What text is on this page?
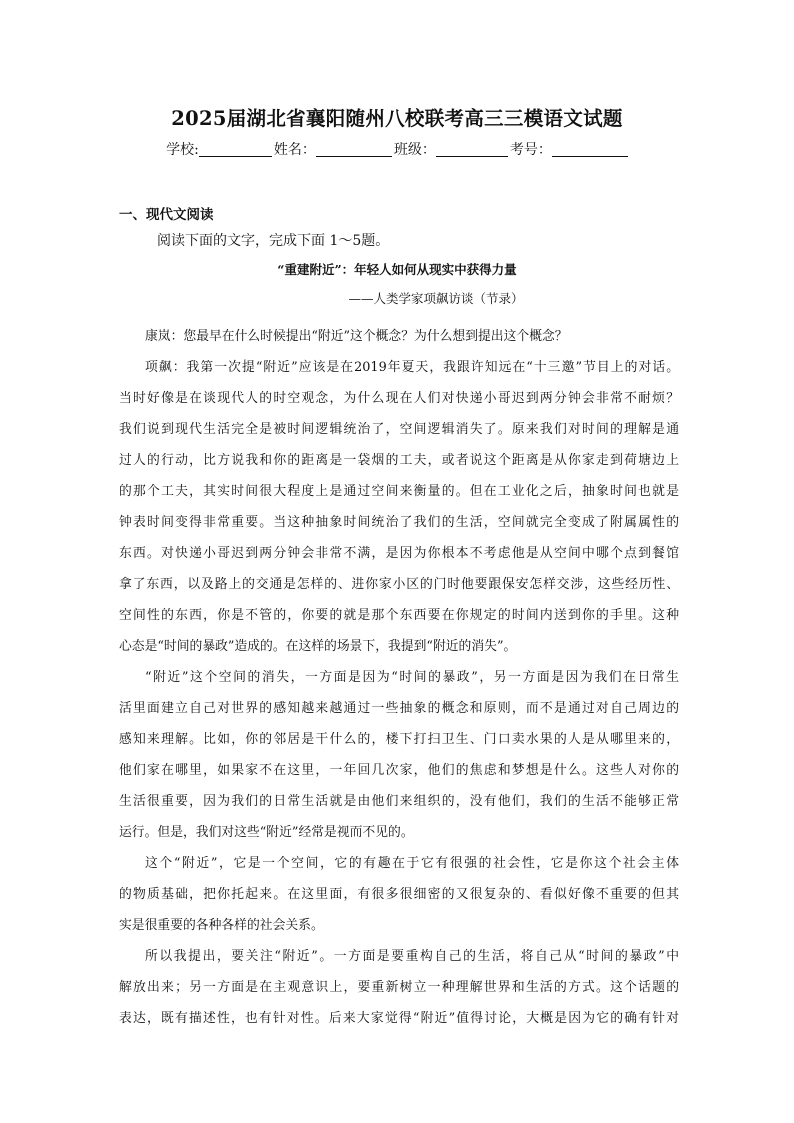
2025届湖北省襄阳随州八校联考高三三模语文试题
学校:	姓名：	班级：	考号：
一、现代文阅读
阅读下面的文字，完成下面 1～5题。
“重建附近”：年轻人如何从现实中获得力量
——人类学家项飙访谈（节录）
康岚：您最早在什么时候提出“附近”这个概念？为什么想到提出这个概念？
项飙：我第一次提“附近”应该是在2019年夏天，我跟许知远在“十三邀”节目上的对话。
当时好像是在谈现代人的时空观念，为什么现在人们对快递小哥迟到两分钟会非常不耐烦？
我们说到现代生活完全是被时间逻辑统治了，空间逻辑消失了。原来我们对时间的理解是通
过人的行动，比方说我和你的距离是一袋烟的工夫，或者说这个距离是从你家走到荷塘边上
的那个工夫，其实时间很大程度上是通过空间来衡量的。但在工业化之后，抽象时间也就是
钟表时间变得非常重要。当这种抽象时间统治了我们的生活，空间就完全变成了附属属性的
东西。对快递小哥迟到两分钟会非常不满，是因为你根本不考虑他是从空间中哪个点到餐馆
拿了东西，以及路上的交通是怎样的、进你家小区的门时他要跟保安怎样交涉，这些经历性、
空间性的东西，你是不管的，你要的就是那个东西要在你规定的时间内送到你的手里。这种
心态是“时间的暴政”造成的。在这样的场景下，我提到“附近的消失”。
“附近”这个空间的消失，一方面是因为“时间的暴政”，另一方面是因为我们在日常生
活里面建立自己对世界的感知越来越通过一些抽象的概念和原则，而不是通过对自己周边的
感知来理解。比如，你的邻居是干什么的，楼下打扫卫生、门口卖水果的人是从哪里来的，
他们家在哪里，如果家不在这里，一年回几次家，他们的焦虑和梦想是什么。这些人对你的
生活很重要，因为我们的日常生活就是由他们来组织的，没有他们，我们的生活不能够正常
运行。但是，我们对这些“附近”经常是视而不见的。
这个“附近”，它是一个空间，它的有趣在于它有很强的社会性，它是你这个社会主体
的物质基础，把你托起来。在这里面，有很多很细密的又很复杂的、看似好像不重要的但其
实是很重要的各种各样的社会关系。
所以我提出，要关注“附近”。一方面是要重构自己的生活，将自己从“时间的暴政”中
解放出来；另一方面是在主观意识上，要重新树立一种理解世界和生活的方式。这个话题的
表达，既有描述性，也有针对性。后来大家觉得“附近”值得讨论，大概是因为它的确有针对
